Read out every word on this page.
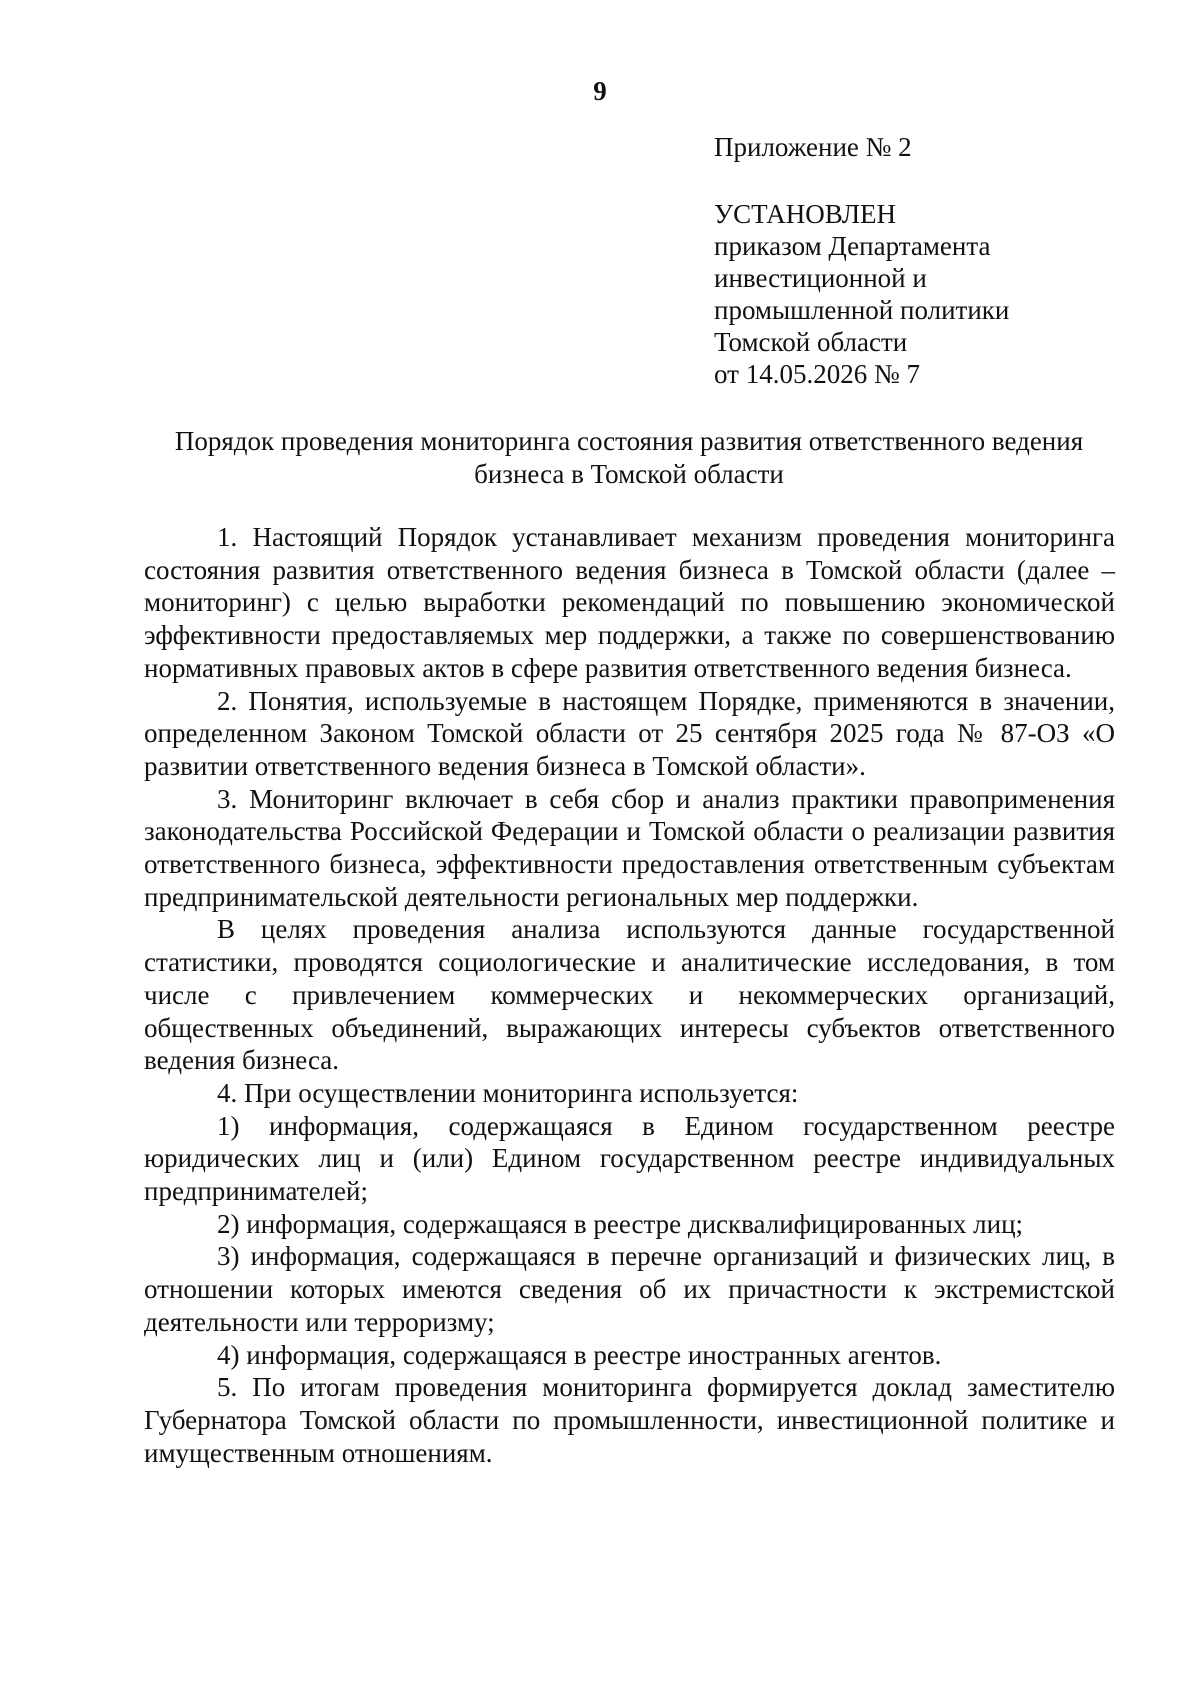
9
Приложение № 2
УСТАНОВЛЕН
приказом Департамента
инвестиционной и
промышленной политики
Томской области
от 14.05.2026 № 7
Порядок проведения мониторинга состояния развития ответственного ведения
бизнеса в Томской области

1. Настоящий Порядок устанавливает механизм проведения мониторинга состояния развития ответственного ведения бизнеса в Томской области (далее – мониторинг) с целью выработки рекомендаций по повышению экономической эффективности предоставляемых мер поддержки, а также по совершенствованию нормативных правовых актов в сфере развития ответственного ведения бизнеса.

2. Понятия, используемые в настоящем Порядке, применяются в значении, определенном Законом Томской области от 25 сентября 2025 года № 87-ОЗ «О развитии ответственного ведения бизнеса в Томской области».

3. Мониторинг включает в себя сбор и анализ практики правоприменения законодательства Российской Федерации и Томской области о реализации развития ответственного бизнеса, эффективности предоставления ответственным субъектам предпринимательской деятельности региональных мер поддержки.

В целях проведения анализа используются данные государственной статистики, проводятся социологические и аналитические исследования, в том числе с привлечением коммерческих и некоммерческих организаций, общественных объединений, выражающих интересы субъектов ответственного ведения бизнеса.

4. При осуществлении мониторинга используется:

1) информация, содержащаяся в Едином государственном реестре юридических лиц и (или) Едином государственном реестре индивидуальных предпринимателей;

2) информация, содержащаяся в реестре дисквалифицированных лиц;

3) информация, содержащаяся в перечне организаций и физических лиц, в отношении которых имеются сведения об их причастности к экстремистской деятельности или терроризму;

4) информация, содержащаяся в реестре иностранных агентов.

5. По итогам проведения мониторинга формируется доклад заместителю Губернатора Томской области по промышленности, инвестиционной политике и имущественным отношениям.
